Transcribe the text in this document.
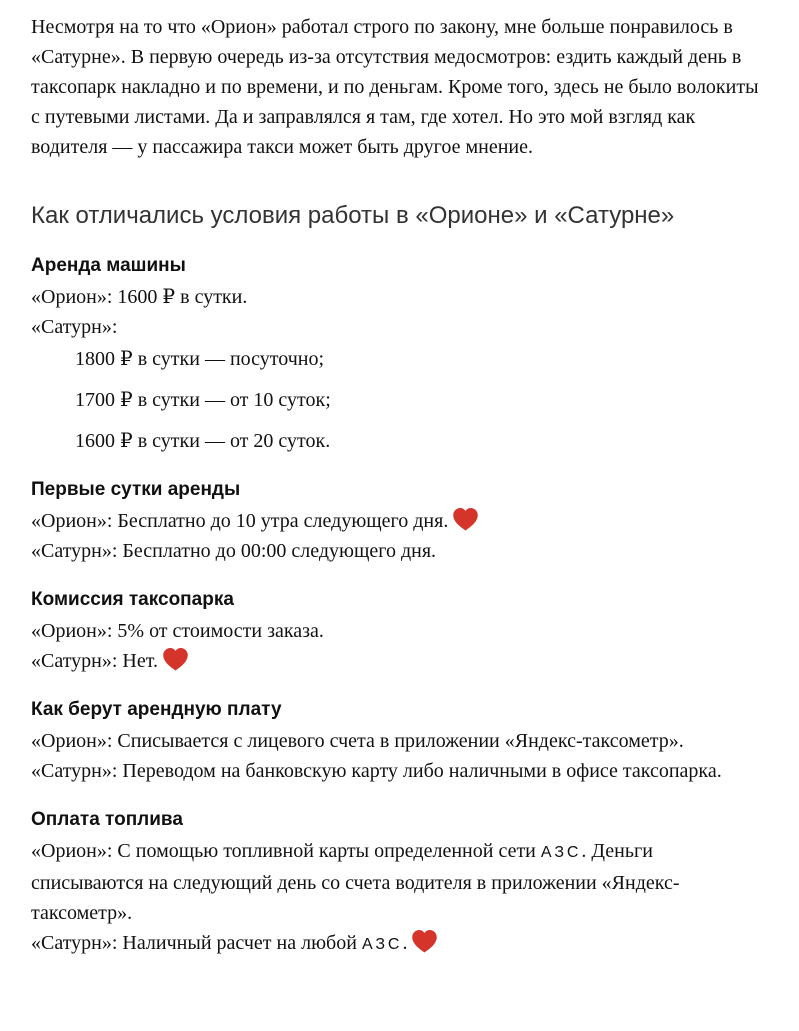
Несмотря на то что «Орион» работал строго по закону, мне больше понравилось в «Сатурне». В первую очередь из-за отсутствия медосмотров: ездить каждый день в таксопарк накладно и по времени, и по деньгам. Кроме того, здесь не было волокиты с путевыми листами. Да и заправлялся я там, где хотел. Но это мой взгляд как водителя — у пассажира такси может быть другое мнение.

Как отличались условия работы в «Орионе» и «Сатурне»
Аренда машины

«Орион»: 1600 ₽ в сутки.

«Сатурн»:

1800 ₽ в сутки — посуточно;
1700 ₽ в сутки — от 10 суток;
1600 ₽ в сутки — от 20 суток.
Первые сутки аренды

«Орион»: Бесплатно до 10 утра следующего дня.

«Сатурн»: Бесплатно до 00:00 следующего дня.

Комиссия таксопарка

«Орион»: 5% от стоимости заказа.

«Сатурн»: Нет.

Как берут арендную плату

«Орион»: Списывается с лицевого счета в приложении «Яндекс-таксометр».

«Сатурн»: Переводом на банковскую карту либо наличными в офисе таксопарка.

Оплата топлива

«Орион»: С помощью топливной карты определенной сети АЗС. Деньги списываются на следующий день со счета водителя в приложении «Яндекс-таксометр».

«Сатурн»: Наличный расчет на любой АЗС.
